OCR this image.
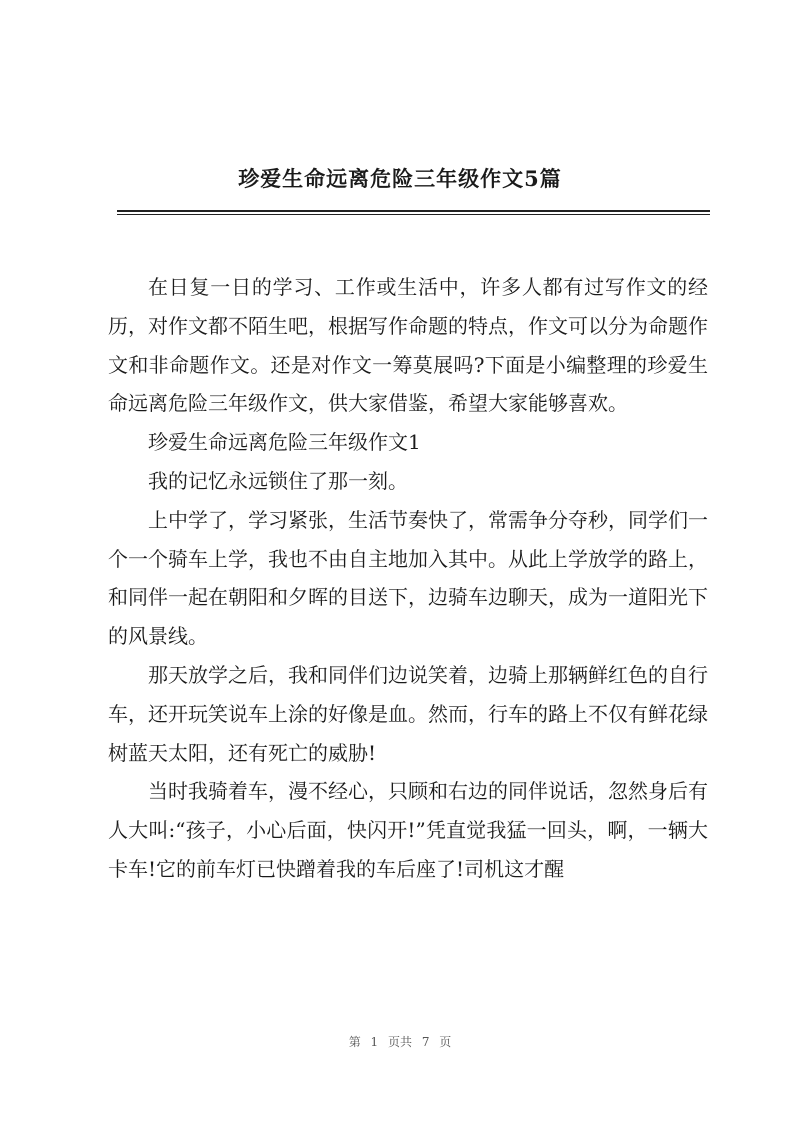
珍爱生命远离危险三年级作文5篇

在日复一日的学习、工作或生活中，许多人都有过写作文的经历，对作文都不陌生吧，根据写作命题的特点，作文可以分为命题作文和非命题作文。还是对作文一筹莫展吗?下面是小编整理的珍爱生命远离危险三年级作文，供大家借鉴，希望大家能够喜欢。

珍爱生命远离危险三年级作文1

我的记忆永远锁住了那一刻。

上中学了，学习紧张，生活节奏快了，常需争分夺秒，同学们一个一个骑车上学，我也不由自主地加入其中。从此上学放学的路上，和同伴一起在朝阳和夕晖的目送下，边骑车边聊天，成为一道阳光下的风景线。

那天放学之后，我和同伴们边说笑着，边骑上那辆鲜红色的自行车，还开玩笑说车上涂的好像是血。然而，行车的路上不仅有鲜花绿树蓝天太阳，还有死亡的威胁!

当时我骑着车，漫不经心，只顾和右边的同伴说话，忽然身后有人大叫:“孩子，小心后面，快闪开!”凭直觉我猛一回头，啊，一辆大卡车!它的前车灯已快蹭着我的车后座了!司机这才醒

第 1 页共 7 页
